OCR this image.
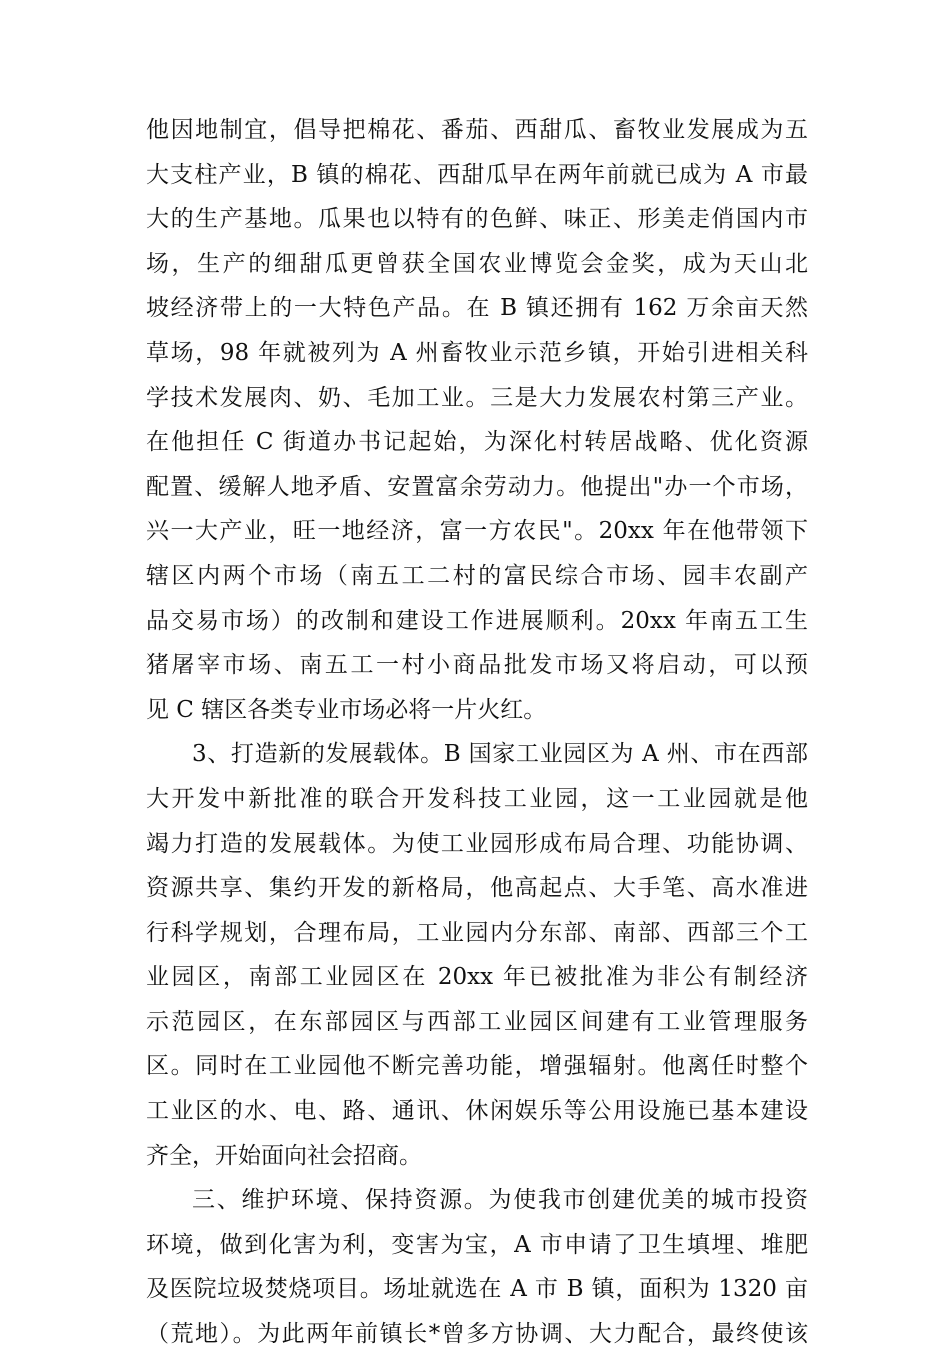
他因地制宜，倡导把棉花、番茄、西甜瓜、畜牧业发展成为五
大支柱产业，B 镇的棉花、西甜瓜早在两年前就已成为 A 市最
大的生产基地。瓜果也以特有的色鲜、味正、形美走俏国内市
场，生产的细甜瓜更曾获全国农业博览会金奖，成为天山北
坡经济带上的一大特色产品。在 B 镇还拥有 162 万余亩天然
草场，98 年就被列为 A 州畜牧业示范乡镇，开始引进相关科
学技术发展肉、奶、毛加工业。三是大力发展农村第三产业。
在他担任 C 街道办书记起始，为深化村转居战略、优化资源
配置、缓解人地矛盾、安置富余劳动力。他提出"办一个市场，
兴一大产业，旺一地经济，富一方农民"。20xx 年在他带领下
辖区内两个市场（南五工二村的富民综合市场、园丰农副产
品交易市场）的改制和建设工作进展顺利。20xx 年南五工生
猪屠宰市场、南五工一村小商品批发市场又将启动，可以预
见 C 辖区各类专业市场必将一片火红。
3、打造新的发展载体。B 国家工业园区为 A 州、市在西部
大开发中新批准的联合开发科技工业园，这一工业园就是他
竭力打造的发展载体。为使工业园形成布局合理、功能协调、
资源共享、集约开发的新格局，他高起点、大手笔、高水准进
行科学规划，合理布局，工业园内分东部、南部、西部三个工
业园区，南部工业园区在 20xx 年已被批准为非公有制经济
示范园区，在东部园区与西部工业园区间建有工业管理服务
区。同时在工业园他不断完善功能，增强辐射。他离任时整个
工业区的水、电、路、通讯、休闲娱乐等公用设施已基本建设
齐全，开始面向社会招商。
三、维护环境、保持资源。为使我市创建优美的城市投资
环境，做到化害为利，变害为宝，A 市申请了卫生填埋、堆肥
及医院垃圾焚烧项目。场址就选在 A 市 B 镇，面积为 1320 亩
（荒地）。为此两年前镇长*曾多方协调、大力配合，最终使该
